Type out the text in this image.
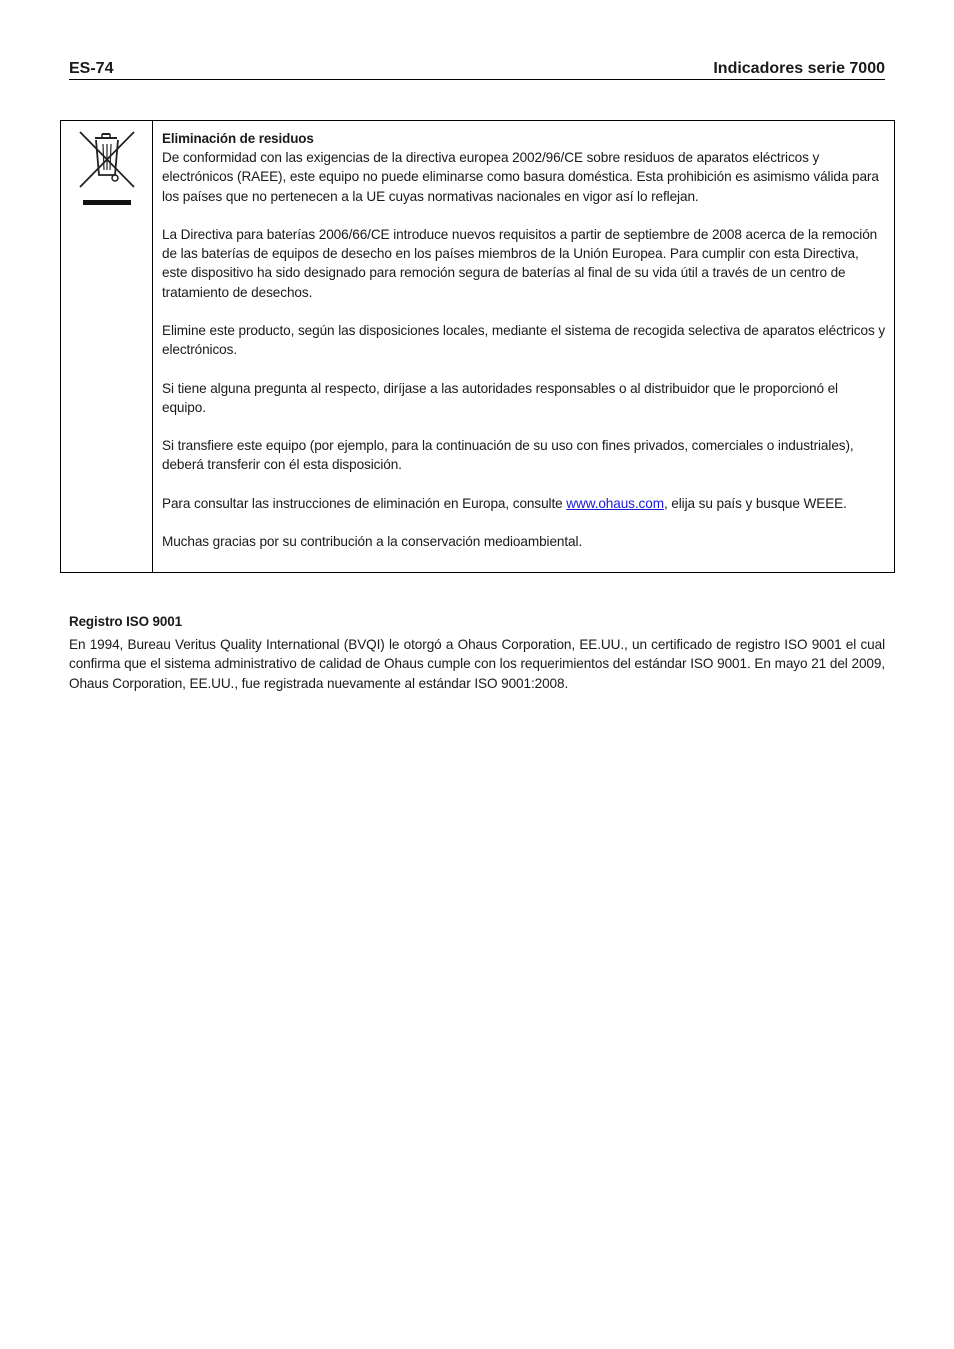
ES-74	Indicadores serie 7000
Eliminación de residuos

De conformidad con las exigencias de la directiva europea 2002/96/CE sobre residuos de aparatos eléctricos y electrónicos (RAEE), este equipo no puede eliminarse como basura doméstica. Esta prohibición es asimismo válida para los países que no pertenecen a la UE cuyas normativas nacionales en vigor así lo reflejan.

La Directiva para baterías 2006/66/CE introduce nuevos requisitos a partir de septiembre de 2008 acerca de la remoción de las baterías de equipos de desecho en los países miembros de la Unión Europea. Para cumplir con esta Directiva, este dispositivo ha sido designado para remoción segura de baterías al final de su vida útil a través de un centro de tratamiento de desechos.

Elimine este producto, según las disposiciones locales, mediante el sistema de recogida selectiva de aparatos eléctricos y electrónicos.

Si tiene alguna pregunta al respecto, diríjase a las autoridades responsables o al distribuidor que le proporcionó el equipo.

Si transfiere este equipo (por ejemplo, para la continuación de su uso con fines privados, comerciales o industriales), deberá transferir con él esta disposición.

Para consultar las instrucciones de eliminación en Europa, consulte www.ohaus.com, elija su país y busque WEEE.

Muchas gracias por su contribución a la conservación medioambiental.

Registro ISO 9001

En 1994, Bureau Veritus Quality International (BVQI) le otorgó a Ohaus Corporation, EE.UU., un certificado de registro ISO 9001 el cual confirma que el sistema administrativo de calidad de Ohaus cumple con los requerimientos del estándar ISO 9001. En mayo 21 del 2009, Ohaus Corporation, EE.UU., fue registrada nuevamente al estándar ISO 9001:2008.
